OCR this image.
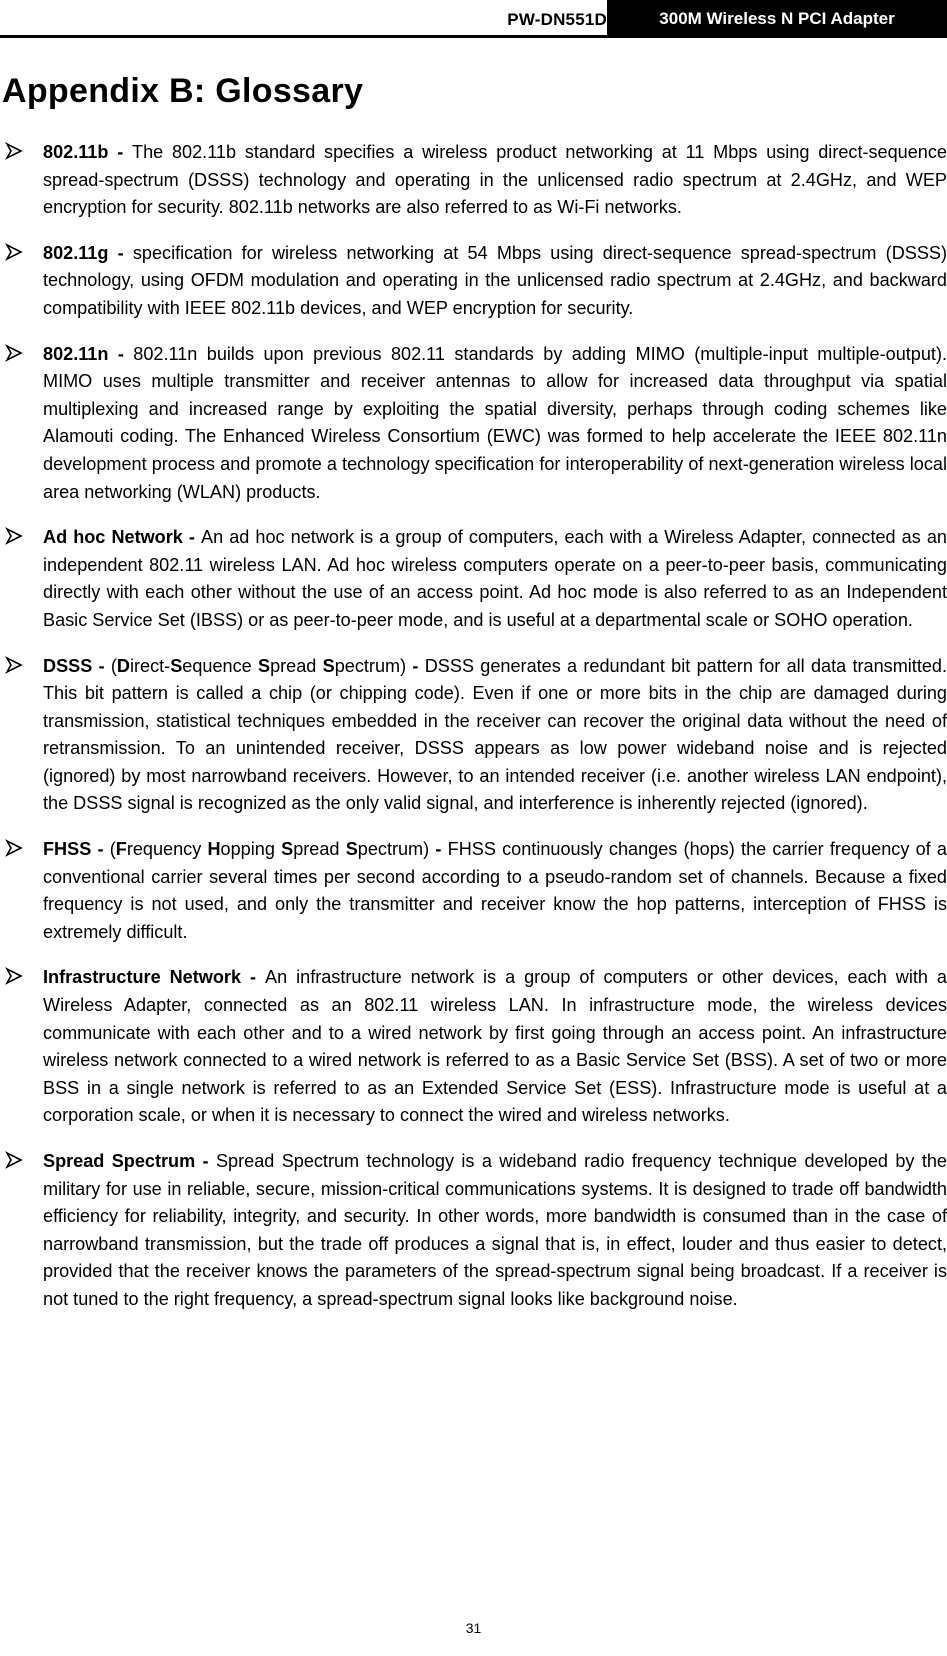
PW-DN551D	300M Wireless N PCI Adapter
Appendix B: Glossary
802.11b - The 802.11b standard specifies a wireless product networking at 11 Mbps using direct-sequence spread-spectrum (DSSS) technology and operating in the unlicensed radio spectrum at 2.4GHz, and WEP encryption for security. 802.11b networks are also referred to as Wi-Fi networks.
802.11g - specification for wireless networking at 54 Mbps using direct-sequence spread-spectrum (DSSS) technology, using OFDM modulation and operating in the unlicensed radio spectrum at 2.4GHz, and backward compatibility with IEEE 802.11b devices, and WEP encryption for security.
802.11n - 802.11n builds upon previous 802.11 standards by adding MIMO (multiple-input multiple-output). MIMO uses multiple transmitter and receiver antennas to allow for increased data throughput via spatial multiplexing and increased range by exploiting the spatial diversity, perhaps through coding schemes like Alamouti coding. The Enhanced Wireless Consortium (EWC) was formed to help accelerate the IEEE 802.11n development process and promote a technology specification for interoperability of next-generation wireless local area networking (WLAN) products.
Ad hoc Network - An ad hoc network is a group of computers, each with a Wireless Adapter, connected as an independent 802.11 wireless LAN. Ad hoc wireless computers operate on a peer-to-peer basis, communicating directly with each other without the use of an access point. Ad hoc mode is also referred to as an Independent Basic Service Set (IBSS) or as peer-to-peer mode, and is useful at a departmental scale or SOHO operation.
DSSS - (Direct-Sequence Spread Spectrum) - DSSS generates a redundant bit pattern for all data transmitted. This bit pattern is called a chip (or chipping code). Even if one or more bits in the chip are damaged during transmission, statistical techniques embedded in the receiver can recover the original data without the need of retransmission. To an unintended receiver, DSSS appears as low power wideband noise and is rejected (ignored) by most narrowband receivers. However, to an intended receiver (i.e. another wireless LAN endpoint), the DSSS signal is recognized as the only valid signal, and interference is inherently rejected (ignored).
FHSS - (Frequency Hopping Spread Spectrum) - FHSS continuously changes (hops) the carrier frequency of a conventional carrier several times per second according to a pseudo-random set of channels. Because a fixed frequency is not used, and only the transmitter and receiver know the hop patterns, interception of FHSS is extremely difficult.
Infrastructure Network - An infrastructure network is a group of computers or other devices, each with a Wireless Adapter, connected as an 802.11 wireless LAN. In infrastructure mode, the wireless devices communicate with each other and to a wired network by first going through an access point. An infrastructure wireless network connected to a wired network is referred to as a Basic Service Set (BSS). A set of two or more BSS in a single network is referred to as an Extended Service Set (ESS). Infrastructure mode is useful at a corporation scale, or when it is necessary to connect the wired and wireless networks.
Spread Spectrum - Spread Spectrum technology is a wideband radio frequency technique developed by the military for use in reliable, secure, mission-critical communications systems. It is designed to trade off bandwidth efficiency for reliability, integrity, and security. In other words, more bandwidth is consumed than in the case of narrowband transmission, but the trade off produces a signal that is, in effect, louder and thus easier to detect, provided that the receiver knows the parameters of the spread-spectrum signal being broadcast. If a receiver is not tuned to the right frequency, a spread-spectrum signal looks like background noise.
31
